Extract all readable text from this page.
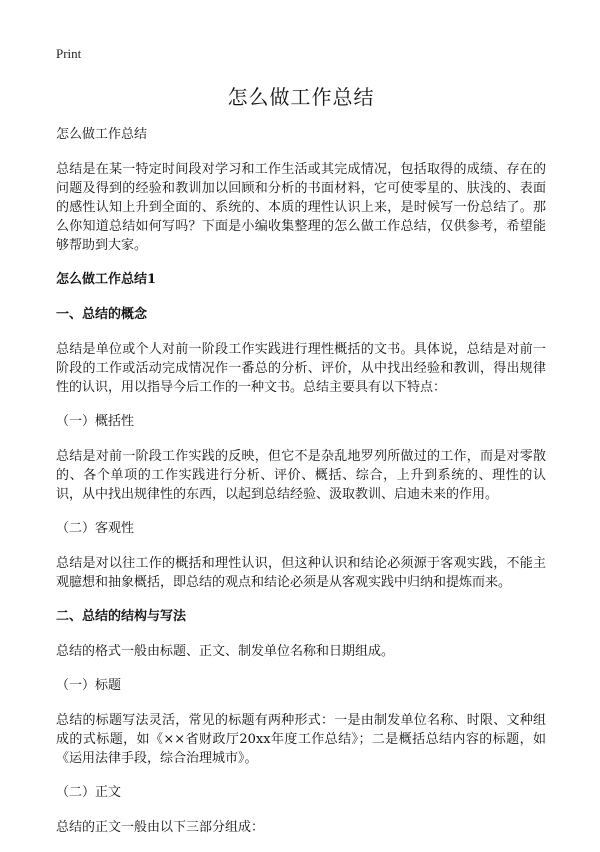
Print
怎么做工作总结
怎么做工作总结

总结是在某一特定时间段对学习和工作生活或其完成情况，包括取得的成绩、存在的问题及得到的经验和教训加以回顾和分析的书面材料，它可使零星的、肤浅的、表面的感性认知上升到全面的、系统的、本质的理性认识上来，是时候写一份总结了。那么你知道总结如何写吗？下面是小编收集整理的怎么做工作总结，仅供参考，希望能够帮助到大家。

怎么做工作总结1
一、总结的概念

总结是单位或个人对前一阶段工作实践进行理性概括的文书。具体说，总结是对前一阶段的工作或活动完成情况作一番总的分析、评价，从中找出经验和教训，得出规律性的认识，用以指导今后工作的一种文书。总结主要具有以下特点：

（一）概括性

总结是对前一阶段工作实践的反映，但它不是杂乱地罗列所做过的工作，而是对零散的、各个单项的工作实践进行分析、评价、概括、综合，上升到系统的、理性的认识，从中找出规律性的东西，以起到总结经验、汲取教训、启迪未来的作用。

（二）客观性

总结是对以往工作的概括和理性认识，但这种认识和结论必须源于客观实践，不能主观臆想和抽象概括，即总结的观点和结论必须是从客观实践中归纳和提炼而来。

二、总结的结构与写法

总结的格式一般由标题、正文、制发单位名称和日期组成。

（一）标题

总结的标题写法灵活，常见的标题有两种形式：一是由制发单位名称、时限、文种组成的式标题，如《××省财政厅20xx年度工作总结》；二是概括总结内容的标题，如《运用法律手段，综合治理城市》。

（二）正文

总结的正文一般由以下三部分组成：
